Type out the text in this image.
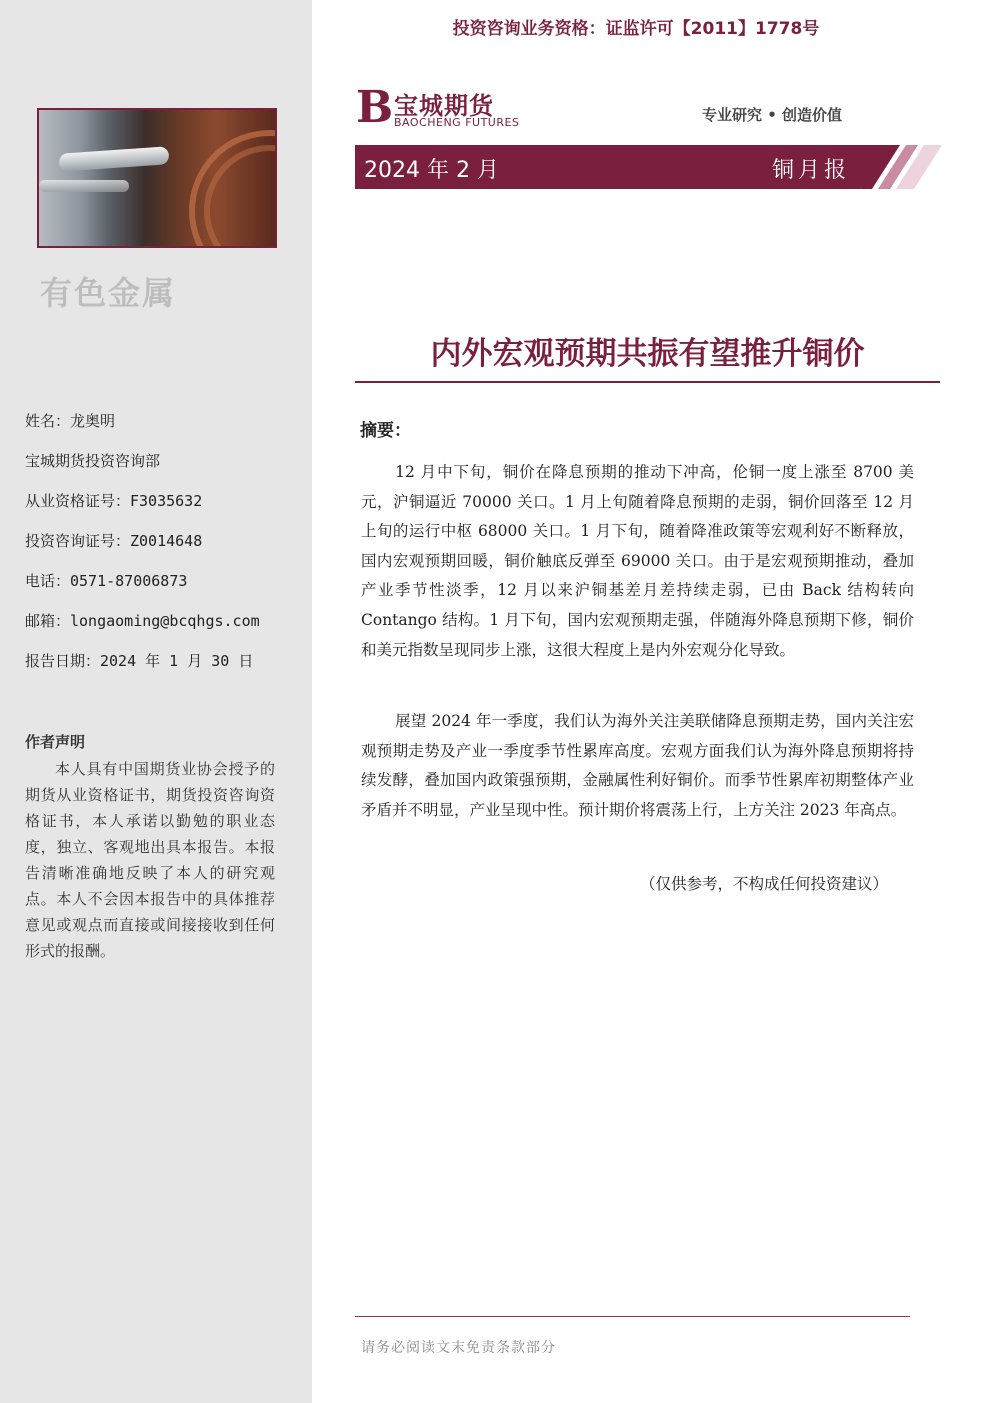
有色金属
姓名：龙奥明
宝城期货投资咨询部
从业资格证号：F3035632
投资咨询证号：Z0014648
电话：0571-87006873
邮箱：longaoming@bcqhgs.com
报告日期：2024 年 1 月 30 日
作者声明
本人具有中国期货业协会授予的期货从业资格证书，期货投资咨询资格证书，本人承诺以勤勉的职业态度，独立、客观地出具本报告。本报告清晰准确地反映了本人的研究观点。本人不会因本报告中的具体推荐意见或观点而直接或间接接收到任何形式的报酬。
投资咨询业务资格：证监许可【2011】1778号
B 宝城期货
BAOCHENG FUTURES	专业研究 • 创造价值
2024 年 2 月	铜月报
内外宏观预期共振有望推升铜价
摘要：
12 月中下旬，铜价在降息预期的推动下冲高，伦铜一度上涨至 8700 美元，沪铜逼近 70000 关口。1 月上旬随着降息预期的走弱，铜价回落至 12 月上旬的运行中枢 68000 关口。1 月下旬，随着降准政策等宏观利好不断释放，国内宏观预期回暖，铜价触底反弹至 69000 关口。由于是宏观预期推动，叠加产业季节性淡季，12 月以来沪铜基差月差持续走弱，已由 Back 结构转向 Contango 结构。1 月下旬，国内宏观预期走强，伴随海外降息预期下修，铜价和美元指数呈现同步上涨，这很大程度上是内外宏观分化导致。
展望 2024 年一季度，我们认为海外关注美联储降息预期走势，国内关注宏观预期走势及产业一季度季节性累库高度。宏观方面我们认为海外降息预期将持续发酵，叠加国内政策强预期，金融属性利好铜价。而季节性累库初期整体产业矛盾并不明显，产业呈现中性。预计期价将震荡上行，上方关注 2023 年高点。
（仅供参考，不构成任何投资建议）
请务必阅读文末免责条款部分
